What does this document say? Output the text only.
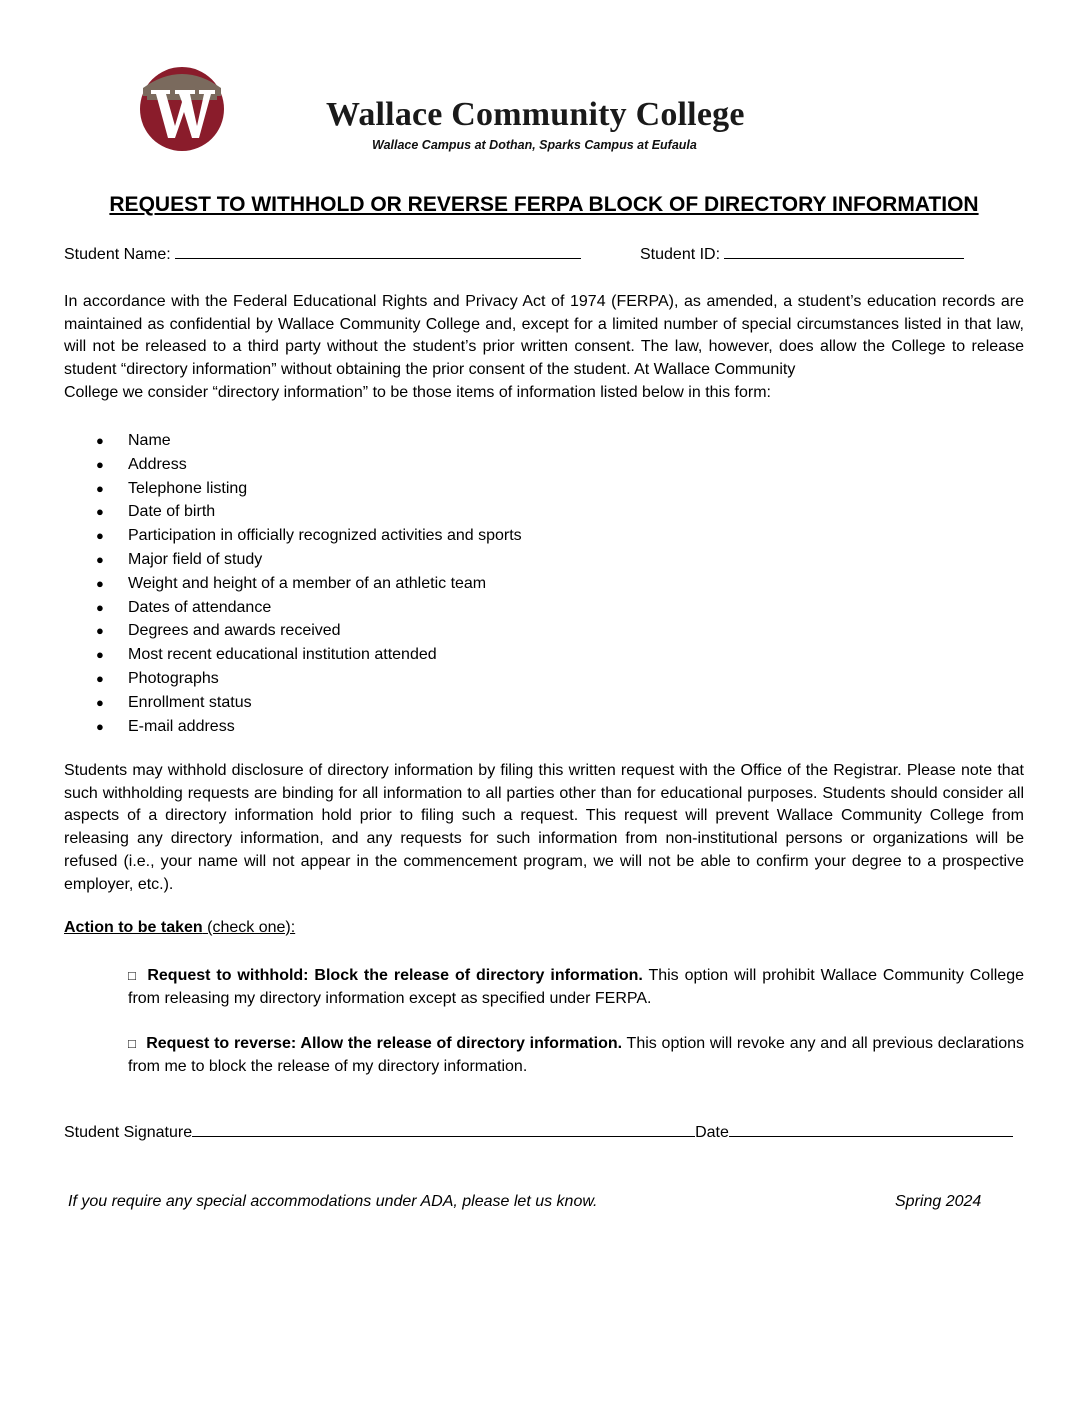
Wallace Community College
Wallace Campus at Dothan, Sparks Campus at Eufaula
REQUEST TO WITHHOLD OR REVERSE FERPA BLOCK OF DIRECTORY INFORMATION
Student Name:	Student ID:
In accordance with the Federal Educational Rights and Privacy Act of 1974 (FERPA), as amended, a student’s education records are maintained as confidential by Wallace Community College and, except for a limited number of special circumstances listed in that law, will not be released to a third party without the student’s prior written consent. The law, however, does allow the College to release student “directory information” without obtaining the prior consent of the student. At Wallace Community
College we consider “directory information” to be those items of information listed below in this form:
● Name
● Address
● Telephone listing
● Date of birth
● Participation in officially recognized activities and sports
● Major field of study
● Weight and height of a member of an athletic team
● Dates of attendance
● Degrees and awards received
● Most recent educational institution attended
● Photographs
● Enrollment status
● E-mail address
Students may withhold disclosure of directory information by filing this written request with the Office of the Registrar. Please note that such withholding requests are binding for all information to all parties other than for educational purposes. Students should consider all aspects of a directory information hold prior to filing such a request. This request will prevent Wallace Community College from releasing any directory information, and any requests for such information from non-institutional persons or organizations will be refused (i.e., your name will not appear in the commencement program, we will not be able to confirm your degree to a prospective employer, etc.).
Action to be taken (check one):
□ Request to withhold: Block the release of directory information. This option will prohibit Wallace Community College from releasing my directory information except as specified under FERPA.
□ Request to reverse: Allow the release of directory information. This option will revoke any and all previous declarations from me to block the release of my directory information.
Student Signature	Date
If you require any special accommodations under ADA, please let us know.	Spring 2024
